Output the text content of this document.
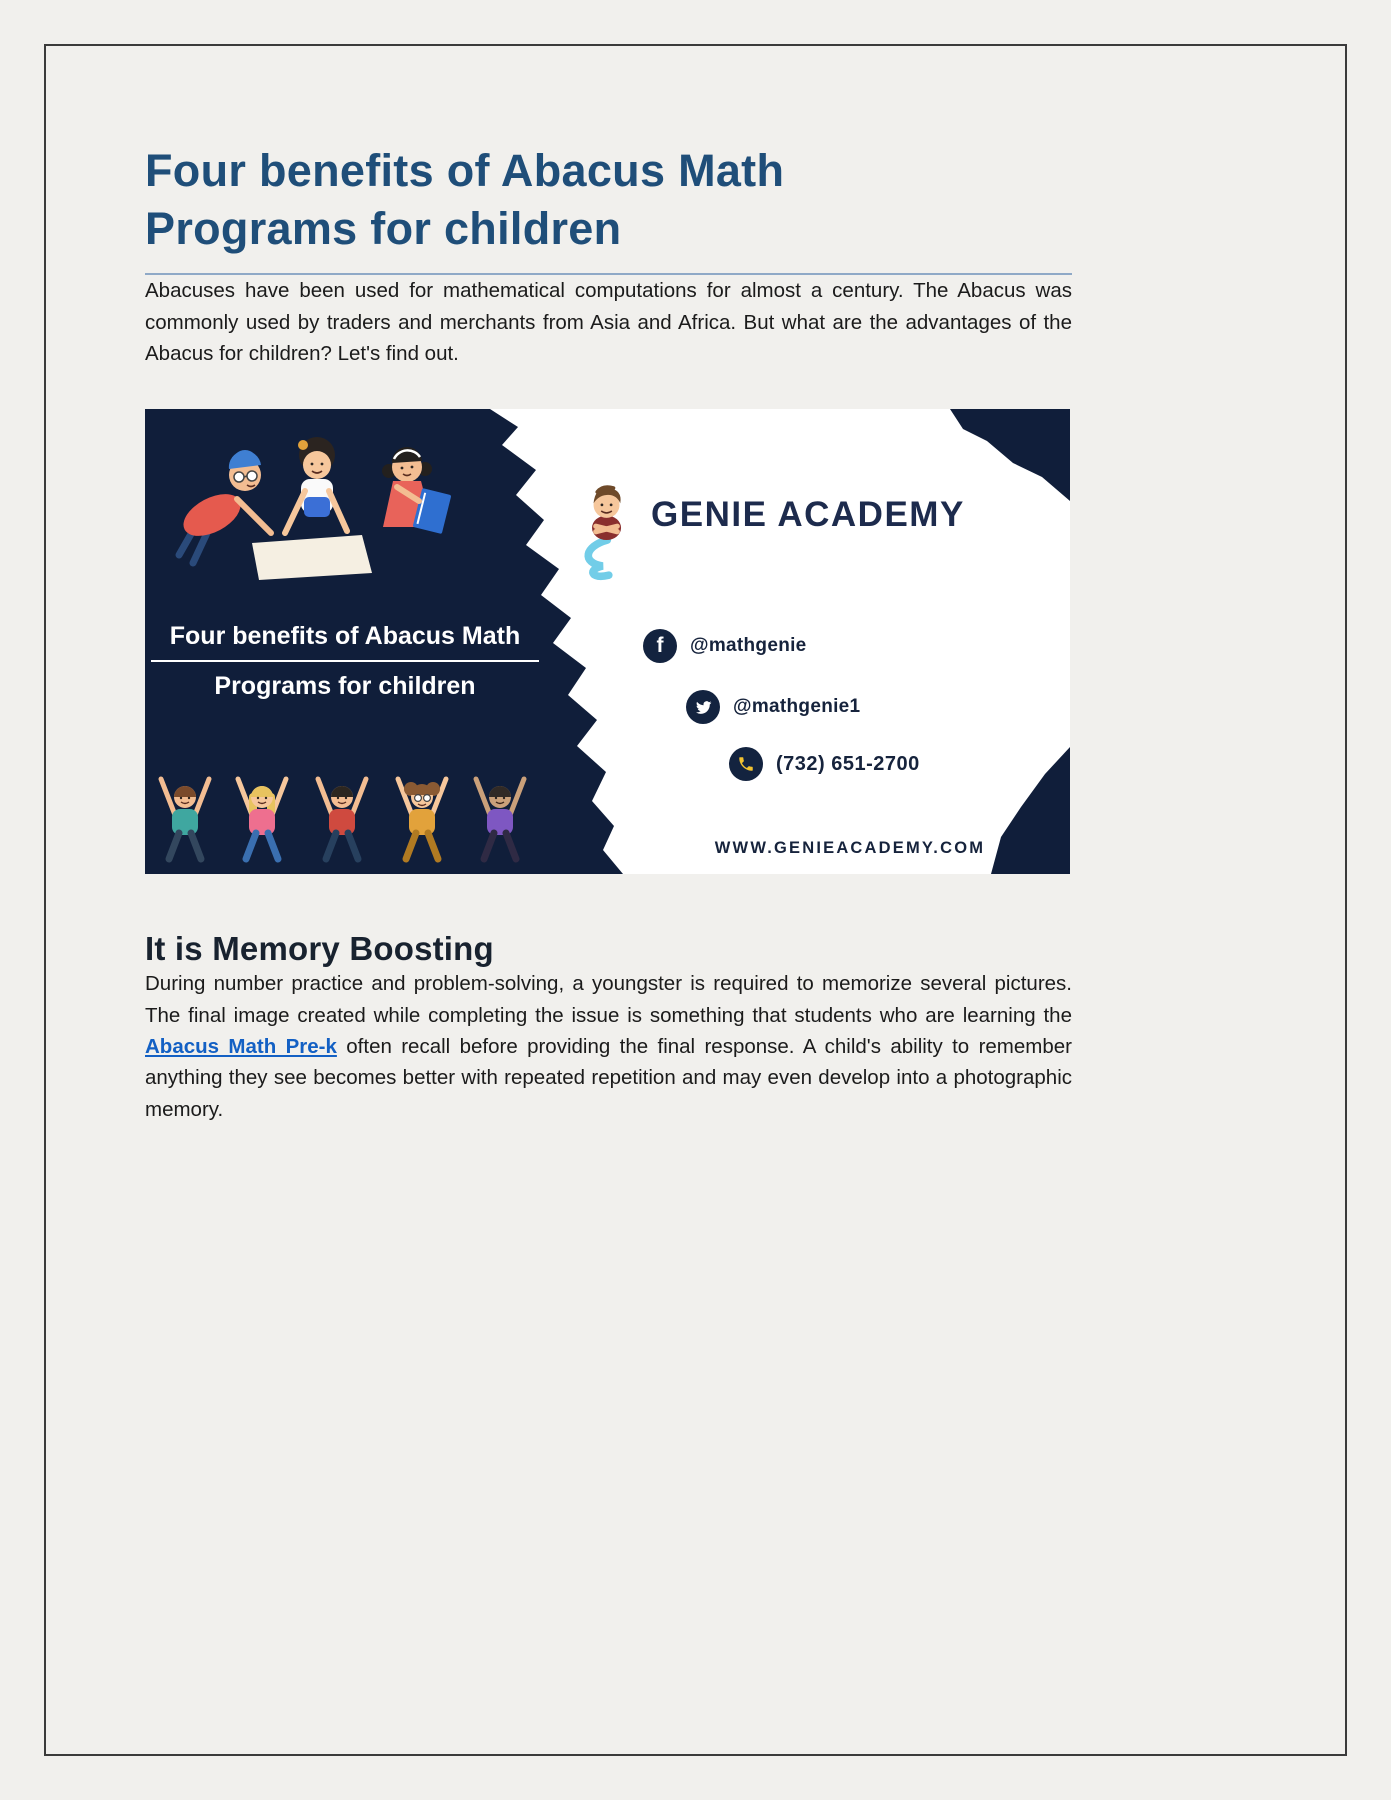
Four benefits of Abacus Math Programs for children

Abacuses have been used for mathematical computations for almost a century. The Abacus was commonly used by traders and merchants from Asia and Africa. But what are the advantages of the Abacus for children? Let's find out.

GENIE ACADEMY
Four benefits of Abacus Math
Programs for children
f	@mathgenie
@mathgenie1
(732) 651-2700
WWW.GENIEACADEMY.COM
It is Memory Boosting

During number practice and problem-solving, a youngster is required to memorize several pictures. The final image created while completing the issue is something that students who are learning the Abacus Math Pre-k often recall before providing the final response. A child's ability to remember anything they see becomes better with repeated repetition and may even develop into a photographic memory.
